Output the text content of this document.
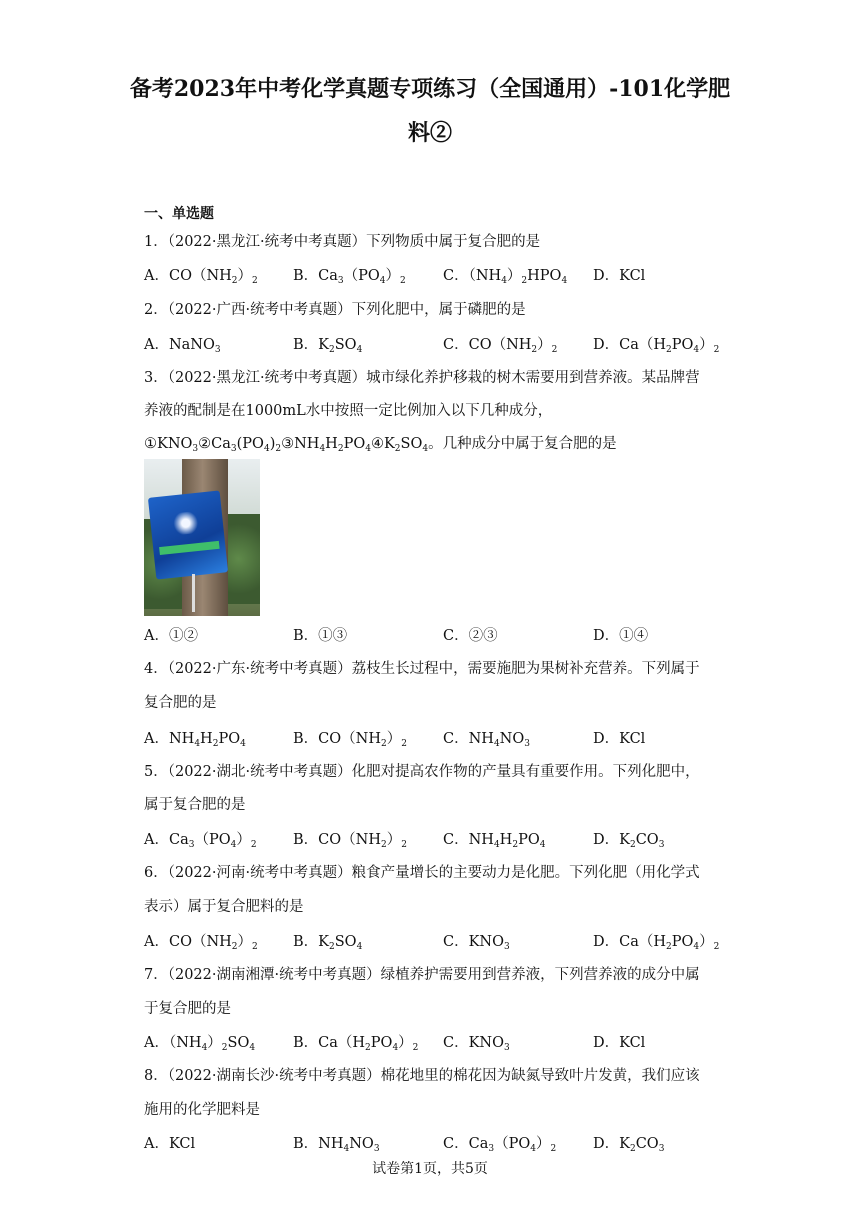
备考2023年中考化学真题专项练习（全国通用）-101化学肥
料②
一、单选题
1．（2022·黑龙江·统考中考真题）下列物质中属于复合肥的是
A．$CO(NH_2)_2$ B．$Ca_3(PO_4)_2$	C．$(NH_4)_2HPO_4$ D．KCl
2．（2022·广西·统考中考真题）下列化肥中，属于磷肥的是
A．NaNO$_3$	B．$K_2SO_4$	C．$CO(NH_2)_2$ D．$Ca(H_2PO_4)_2$
3．（2022·黑龙江·统考中考真题）城市绿化养护移栽的树木需要用到营养液。某品牌营
养液的配制是在1000mL水中按照一定比例加入以下几种成分，
$①KNO_3②Ca_3(PO_4)_2③NH_4H_2PO_4④K_2SO_4$。几种成分中属于复合肥的是
A．①②	B．①③	C．②③	D．①④
4．（2022·广东·统考中考真题）荔枝生长过程中，需要施肥为果树补充营养。下列属于
复合肥的是
A．$NH_4H_2PO_4$	B．$CO(NH_2)_2$ C．$NH_4NO_3$	D．KCl
5．（2022·湖北·统考中考真题）化肥对提高农作物的产量具有重要作用。下列化肥中，
属于复合肥的是
A．$Ca_3(PO_4)_2$	B．$CO(NH_2)_2$ C．$NH_4H_2PO_4$	D．$K_2CO_3$
6．（2022·河南·统考中考真题）粮食产量增长的主要动力是化肥。下列化肥（用化学式
表示）属于复合肥料的是
A．$CO(NH_2)_2$ B．$K_2SO_4$	C．$KNO_3$	D．$Ca(H_2PO_4)_2$
7．（2022·湖南湘潭·统考中考真题）绿植养护需要用到营养液，下列营养液的成分中属
于复合肥的是
A．$(NH_4)_2SO_4$	B．$Ca(H_2PO_4)_2$ C．$KNO_3$	D．KCl
8．（2022·湖南长沙·统考中考真题）棉花地里的棉花因为缺氮导致叶片发黄，我们应该
施用的化学肥料是
A．KCl	B．$NH_4NO_3$	C．$Ca_3(PO_4)_2$	D．$K_2CO_3$
试卷第1页，共5页
